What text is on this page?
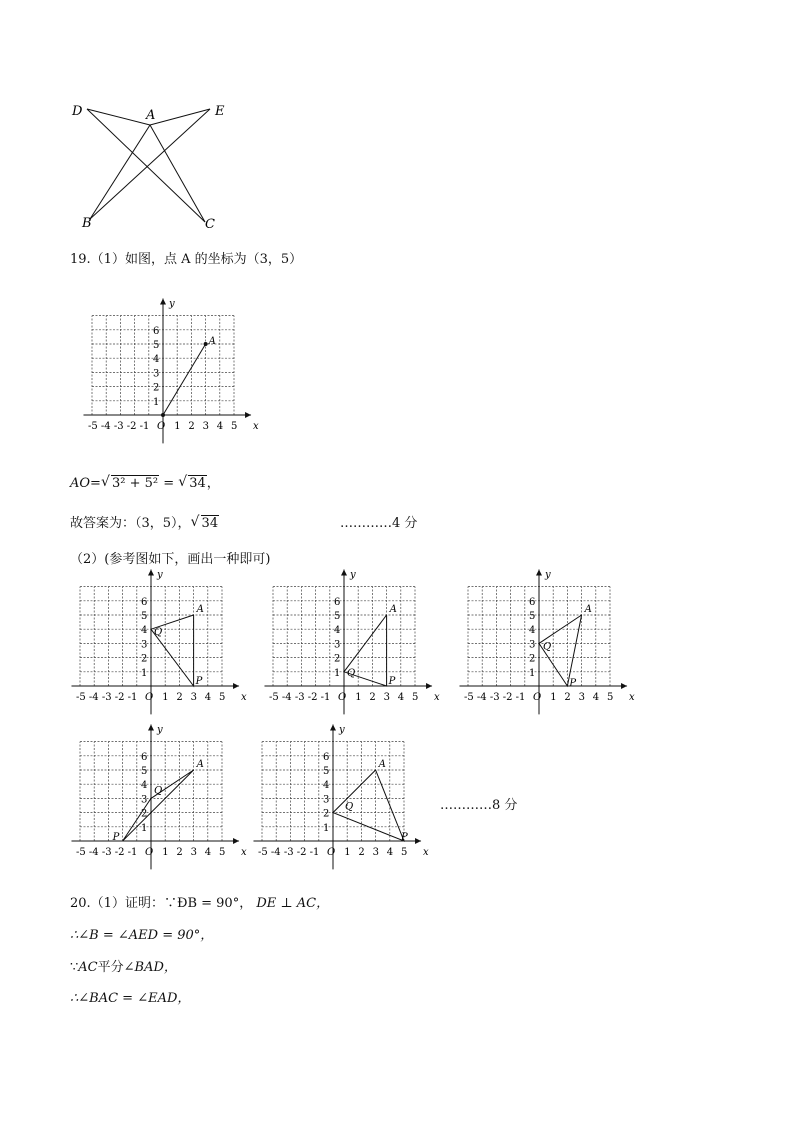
D	A	E
B	C
19.（1）如图，点 A 的坐标为（3，5）
x
y
-5 -4 -3 -2 -1 O 1 2 3 4 5
1
2
3
4
5
6
A
AO= √ 3² + 5² = √ 34，
故答案为：（3，5）， √ 34	…………4 分
（2）(参考图如下，画出一种即可)
x
y
-5 -4 -3 -2 -1 O 1 2 3 4 5
1
2
3
4
5
6
A
Q
P
x
y
-5 -4 -3 -2 -1 O 1 2 3 4 5
1
2
3
4
5
6
A
Q
P
x
y
-5 -4 -3 -2 -1 O 1 2 3 4 5
1
2
3
4
5
6
A
Q
P
x
y
-5 -4 -3 -2 -1 O 1 2 3 4 5
1
2
3
4
5
6
A
Q
P
x
y
-5 -4 -3 -2 -1 O 1 2 3 4 5
1
2
3
4
5
6
A
Q
P
…………8 分
20.（1）证明：∵ÐB = 90°， DE ⊥ AC，
∴∠B = ∠AED = 90°，
∵AC平分∠BAD，
∴∠BAC = ∠EAD，
